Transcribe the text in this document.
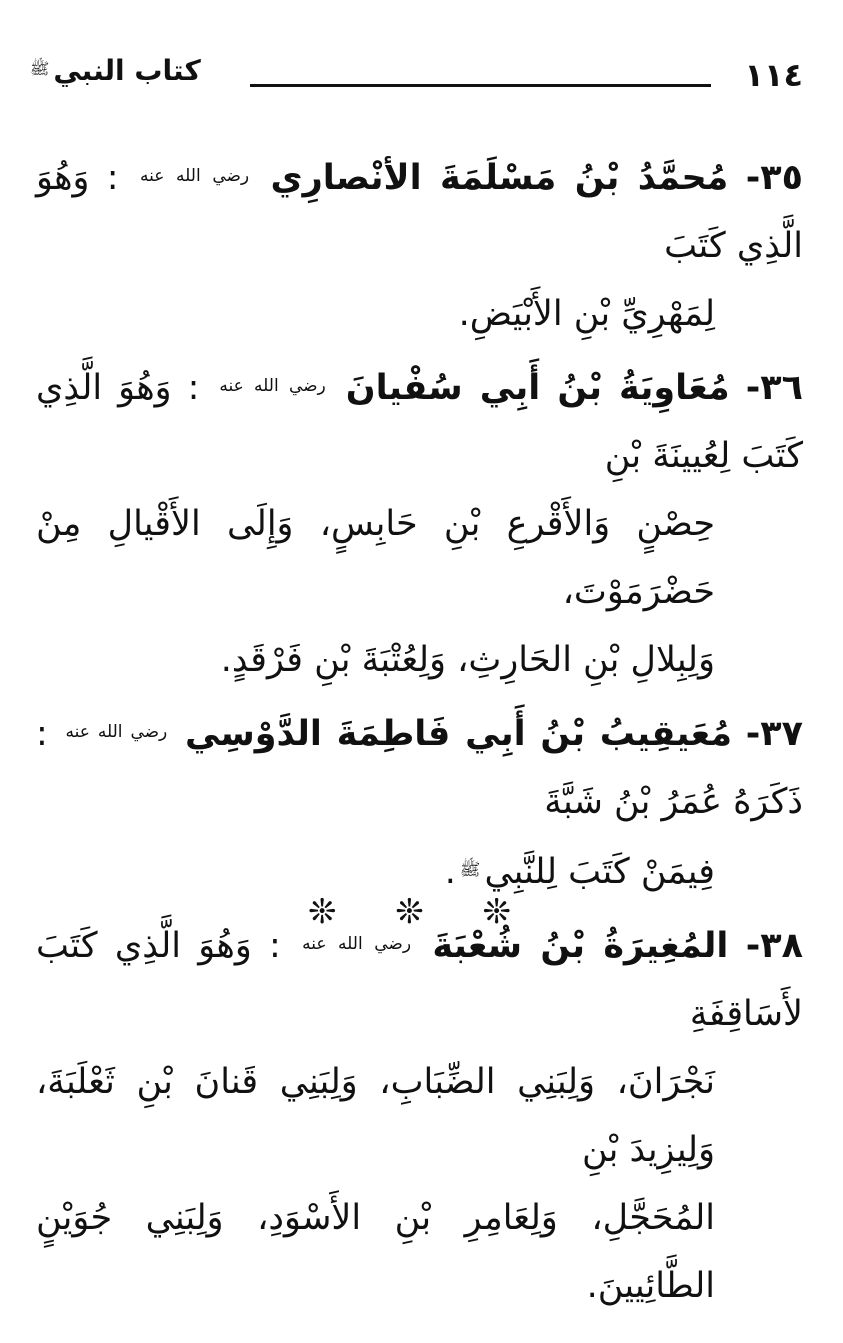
١١٤
كتاب النبي$^ﷺ$
٣٥- مُحمَّدُ بْنُ مَسْلَمَةَ الأنْصارِي $^{رضي الله عنه}$ : وَهُوَ الَّذِي كَتَبَ
لِمَهْرِيِّ بْنِ الأَبْيَضِ.
٣٦- مُعَاوِيَةُ بْنُ أَبِي سُفْيانَ $^{رضي الله عنه}$ : وَهُوَ الَّذِي كَتَبَ لِعُيينَةَ بْنِ
حِصْنٍ وَالأَقْرعِ بْنِ حَابِسٍ، وَإِلَى الأَقْيالِ مِنْ حَضْرَمَوْتَ،
وَلِبِلالِ بْنِ الحَارِثِ، وَلِعُتْبَةَ بْنِ فَرْقَدٍ.
٣٧- مُعَيقِيبُ بْنُ أَبِي فَاطِمَةَ الدَّوْسِي $^{رضي الله عنه}$ : ذَكَرَهُ عُمَرُ بْنُ شَبَّةَ
فِيمَنْ كَتَبَ لِلنَّبِي$^ﷺ$.
٣٨- المُغِيرَةُ بْنُ شُعْبَةَ $^{رضي الله عنه}$ : وَهُوَ الَّذِي كَتَبَ لأَسَاقِفَةِ
نَجْرَانَ، وَلِبَنِي الضِّبَابِ، وَلِبَنِي قَنانَ بْنِ ثَعْلَبَةَ، وَلِيزِيدَ بْنِ
المُحَجَّلِ، وَلِعَامِرِ بْنِ الأَسْوَدِ، وَلِبَنِي جُوَيْنٍ الطَّائِيينَ.
❊ ❊ ❊
